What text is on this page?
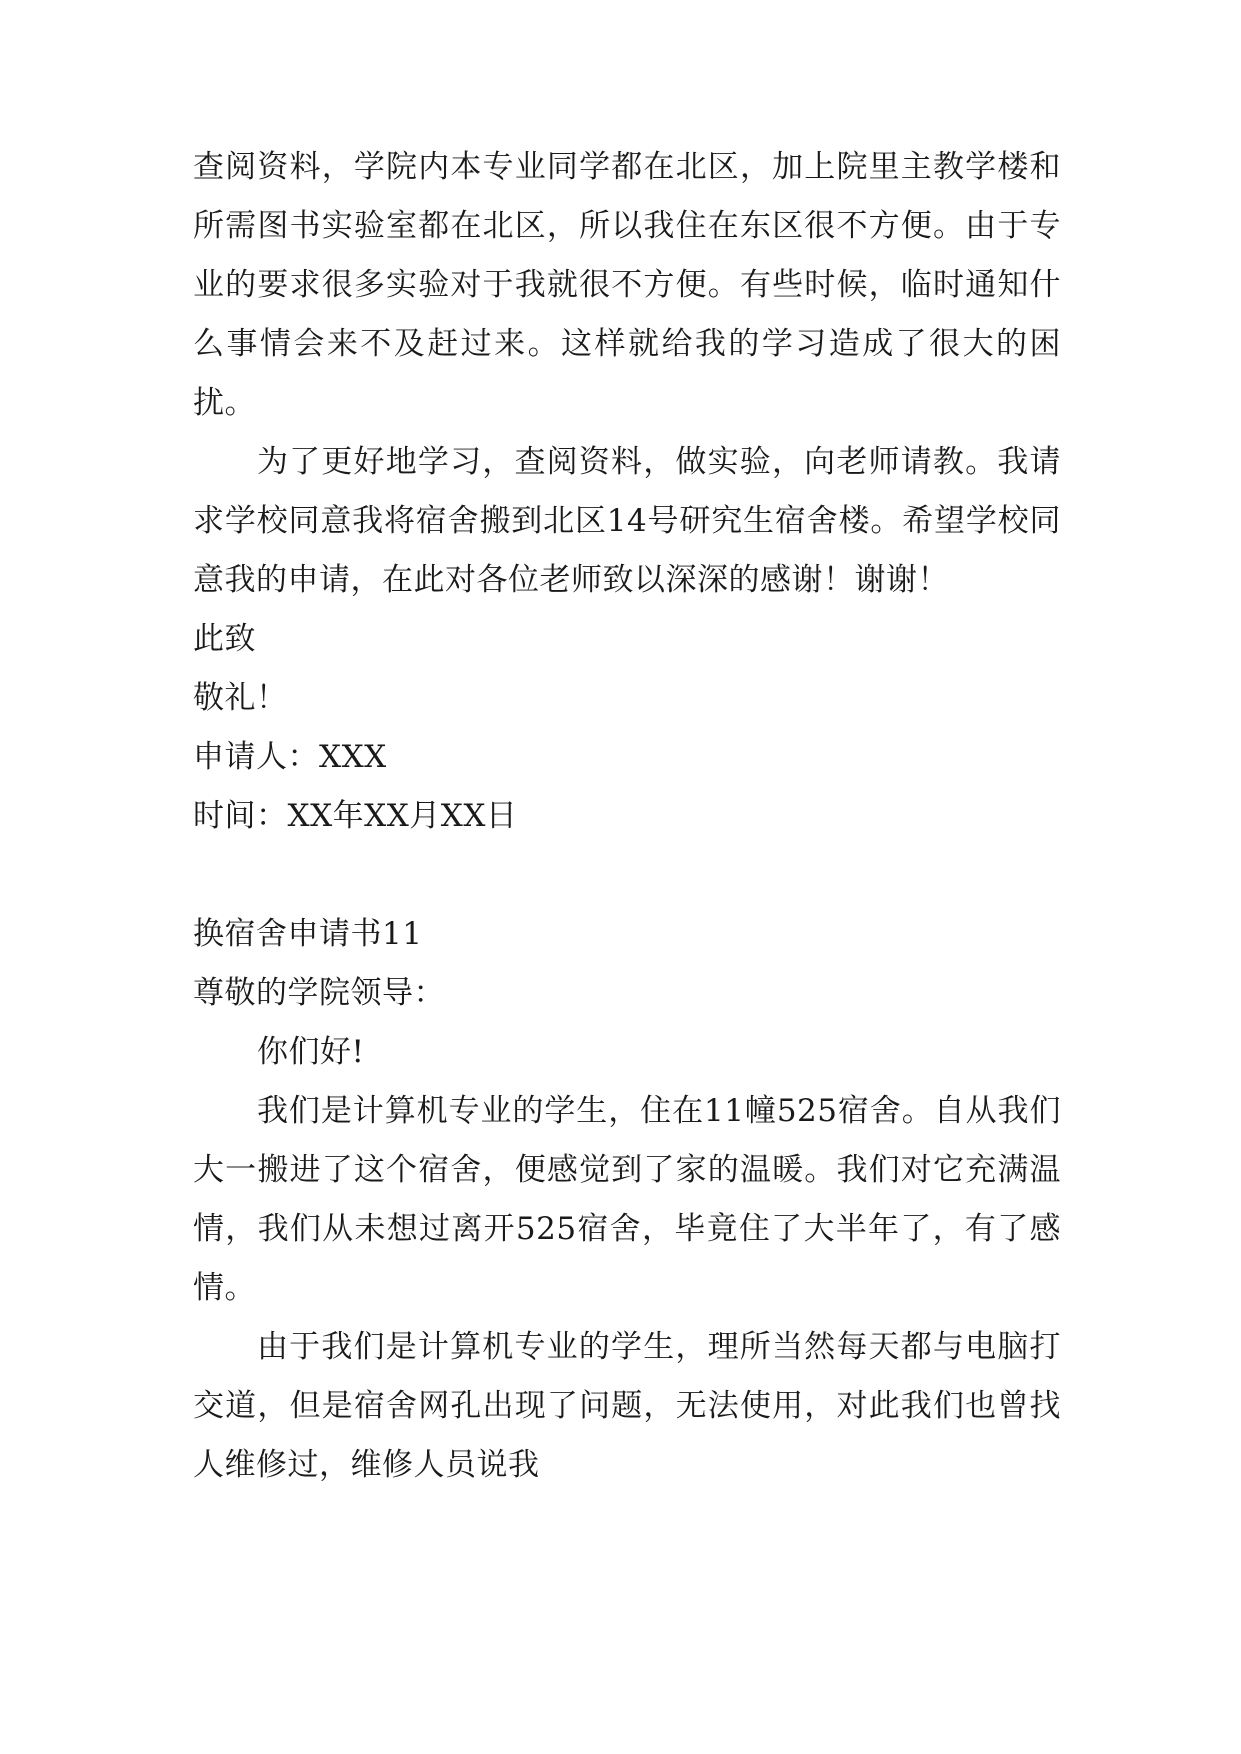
查阅资料，学院内本专业同学都在北区，加上院里主教学楼和所需图书实验室都在北区，所以我住在东区很不方便。由于专业的要求很多实验对于我就很不方便。有些时候，临时通知什么事情会来不及赶过来。这样就给我的学习造成了很大的困扰。

为了更好地学习，查阅资料，做实验，向老师请教。我请求学校同意我将宿舍搬到北区14号研究生宿舍楼。希望学校同意我的申请，在此对各位老师致以深深的感谢！谢谢！

此致

敬礼！

申请人：XXX

时间：XX年XX月XX日

换宿舍申请书11

尊敬的学院领导：

你们好!

我们是计算机专业的学生，住在11幢525宿舍。自从我们大一搬进了这个宿舍，便感觉到了家的温暖。我们对它充满温情，我们从未想过离开525宿舍，毕竟住了大半年了，有了感情。

由于我们是计算机专业的学生，理所当然每天都与电脑打交道，但是宿舍网孔出现了问题，无法使用，对此我们也曾找人维修过，维修人员说我
